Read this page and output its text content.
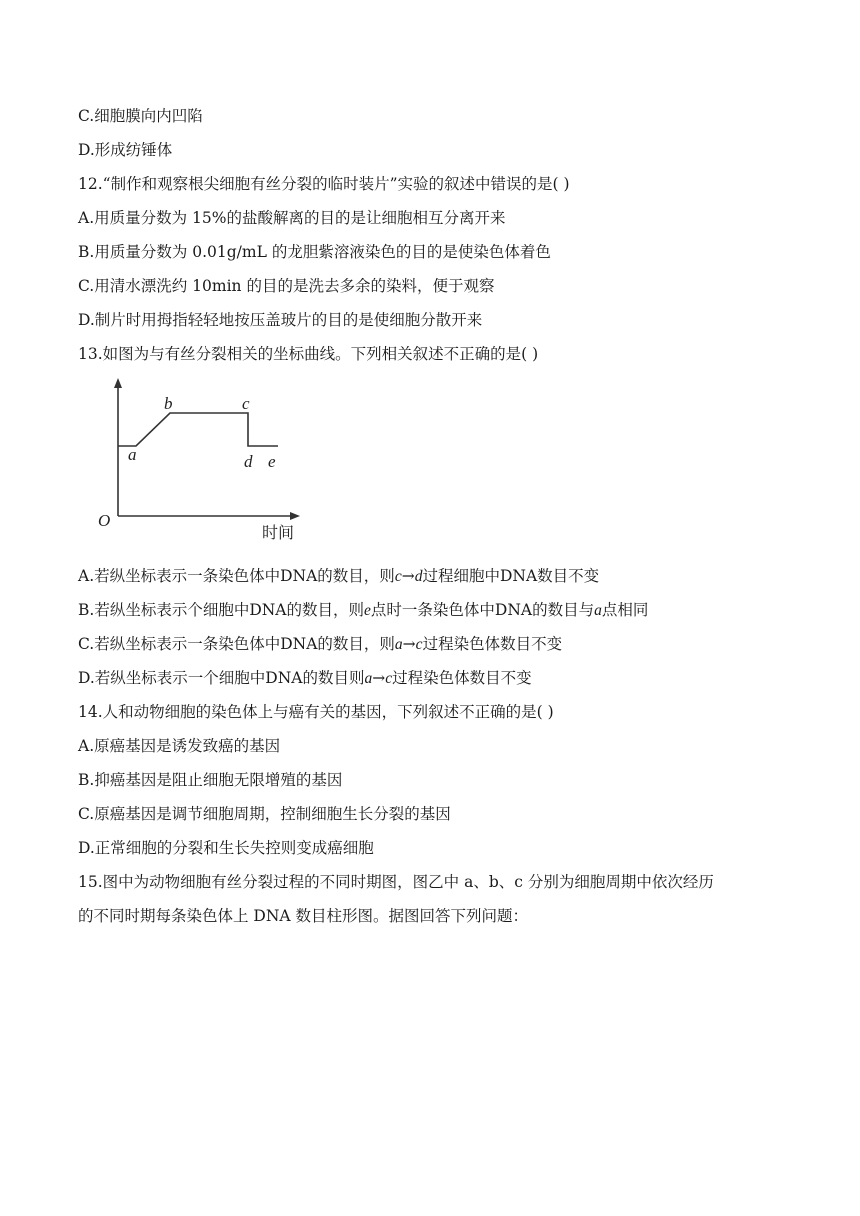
C.细胞膜向内凹陷
D.形成纺锤体
12.“制作和观察根尖细胞有丝分裂的临时装片”实验的叙述中错误的是( )
A.用质量分数为 15%的盐酸解离的目的是让细胞相互分离开来
B.用质量分数为 0.01g/mL 的龙胆紫溶液染色的目的是使染色体着色
C.用清水漂洗约 10min 的目的是洗去多余的染料，便于观察
D.制片时用拇指轻轻地按压盖玻片的目的是使细胞分散开来
13.如图为与有丝分裂相关的坐标曲线。下列相关叙述不正确的是( )
a
b	c
d e
O
时间
A.若纵坐标表示一条染色体中DNA的数目，则c→d过程细胞中DNA数目不变
B.若纵坐标表示个细胞中DNA的数目，则e点时一条染色体中DNA的数目与a点相同
C.若纵坐标表示一条染色体中DNA的数目，则a→c过程染色体数目不变
D.若纵坐标表示一个细胞中DNA的数目则a→c过程染色体数目不变
14.人和动物细胞的染色体上与癌有关的基因，下列叙述不正确的是( )
A.原癌基因是诱发致癌的基因
B.抑癌基因是阻止细胞无限增殖的基因
C.原癌基因是调节细胞周期，控制细胞生长分裂的基因
D.正常细胞的分裂和生长失控则变成癌细胞
15.图中为动物细胞有丝分裂过程的不同时期图，图乙中 a、b、c 分别为细胞周期中依次经历
的不同时期每条染色体上 DNA 数目柱形图。据图回答下列问题：
